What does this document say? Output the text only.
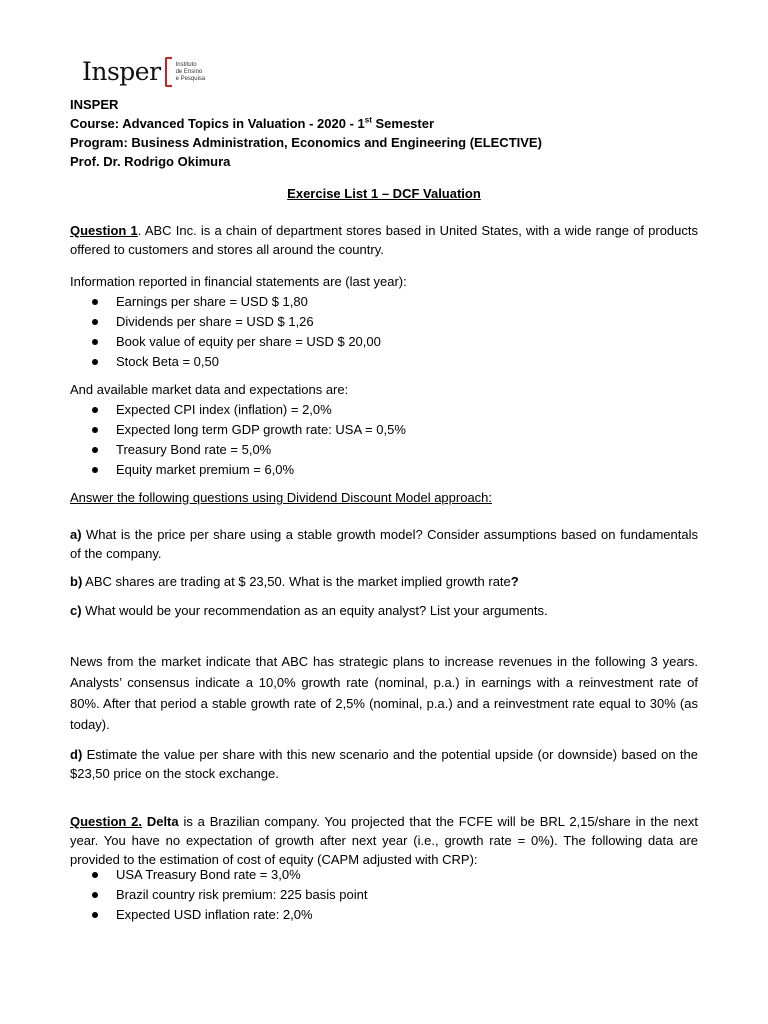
Insper	Instituto
de Ensino
e Pesquisa
INSPER
Course: Advanced Topics in Valuation - 2020 - 1st Semester
Program: Business Administration, Economics and Engineering (ELECTIVE)
Prof. Dr. Rodrigo Okimura
Exercise List 1 – DCF Valuation
Question 1. ABC Inc. is a chain of department stores based in United States, with a wide range of products offered to customers and stores all around the country.
Information reported in financial statements are (last year):
Earnings per share = USD $ 1,80
Dividends per share = USD $ 1,26
Book value of equity per share = USD $ 20,00
Stock Beta = 0,50
And available market data and expectations are:
Expected CPI index (inflation) = 2,0%
Expected long term GDP growth rate: USA = 0,5%
Treasury Bond rate = 5,0%
Equity market premium = 6,0%
Answer the following questions using Dividend Discount Model approach:
a) What is the price per share using a stable growth model? Consider assumptions based on fundamentals of the company.
b) ABC shares are trading at $ 23,50. What is the market implied growth rate?
c) What would be your recommendation as an equity analyst? List your arguments.
News from the market indicate that ABC has strategic plans to increase revenues in the following 3 years. Analysts’ consensus indicate a 10,0% growth rate (nominal, p.a.) in earnings with a reinvestment rate of 80%. After that period a stable growth rate of 2,5% (nominal, p.a.) and a reinvestment rate equal to 30% (as today).
d) Estimate the value per share with this new scenario and the potential upside (or downside) based on the $23,50 price on the stock exchange.
Question 2. Delta is a Brazilian company. You projected that the FCFE will be BRL 2,15/share in the next year. You have no expectation of growth after next year (i.e., growth rate = 0%). The following data are provided to the estimation of cost of equity (CAPM adjusted with CRP):
USA Treasury Bond rate = 3,0%
Brazil country risk premium: 225 basis point
Expected USD inflation rate: 2,0%
